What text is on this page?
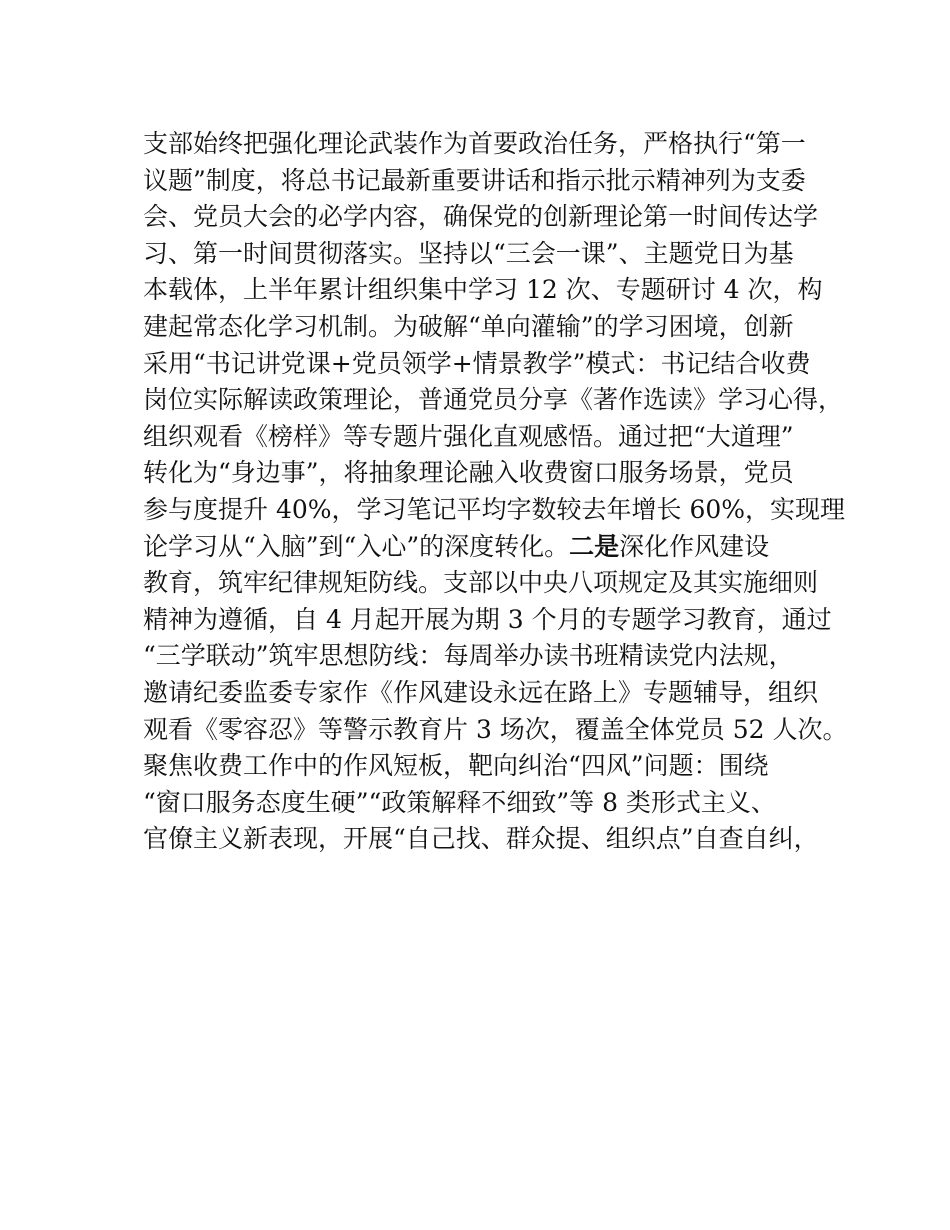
支部始终把强化理论武装作为首要政治任务，严格执行“第一
议题”制度，将总书记最新重要讲话和指示批示精神列为支委
会、党员大会的必学内容，确保党的创新理论第一时间传达学
习、第一时间贯彻落实。坚持以“三会一课”、主题党日为基
本载体，上半年累计组织集中学习 12 次、专题研讨 4 次，构
建起常态化学习机制。为破解“单向灌输”的学习困境，创新
采用“书记讲党课+党员领学+情景教学”模式：书记结合收费
岗位实际解读政策理论，普通党员分享《著作选读》学习心得，
组织观看《榜样》等专题片强化直观感悟。通过把“大道理”
转化为“身边事”，将抽象理论融入收费窗口服务场景，党员
参与度提升 40%，学习笔记平均字数较去年增长 60%，实现理
论学习从“入脑”到“入心”的深度转化。二是深化作风建设
教育，筑牢纪律规矩防线。支部以中央八项规定及其实施细则
精神为遵循，自 4 月起开展为期 3 个月的专题学习教育，通过
“三学联动”筑牢思想防线：每周举办读书班精读党内法规，
邀请纪委监委专家作《作风建设永远在路上》专题辅导，组织
观看《零容忍》等警示教育片 3 场次，覆盖全体党员 52 人次。
聚焦收费工作中的作风短板，靶向纠治“四风”问题：围绕
“窗口服务态度生硬”“政策解释不细致”等 8 类形式主义、
官僚主义新表现，开展“自己找、群众提、组织点”自查自纠，
